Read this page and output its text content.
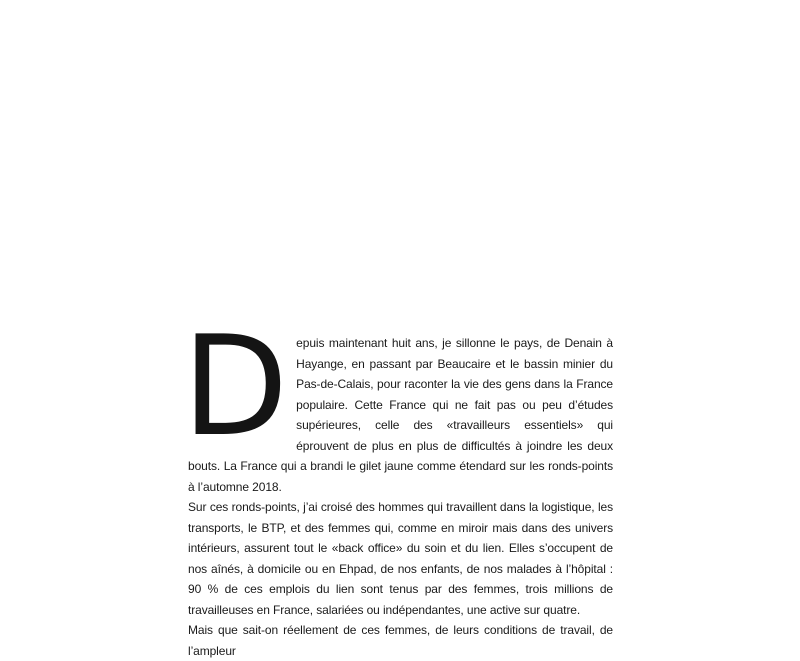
Depuis maintenant huit ans, je sillonne le pays, de Denain à Hayange, en passant par Beaucaire et le bassin minier du Pas-de-Calais, pour raconter la vie des gens dans la France populaire. Cette France qui ne fait pas ou peu d’études supérieures, celle des «travailleurs essentiels» qui éprouvent de plus en plus de difficultés à joindre les deux bouts. La France qui a brandi le gilet jaune comme étendard sur les ronds-points à l’automne 2018.

Sur ces ronds-points, j’ai croisé des hommes qui travaillent dans la logistique, les transports, le BTP, et des femmes qui, comme en miroir mais dans des univers intérieurs, assurent tout le «back office» du soin et du lien. Elles s’occupent de nos aînés, à domicile ou en Ehpad, de nos enfants, de nos malades à l’hôpital : 90 % de ces emplois du lien sont tenus par des femmes, trois millions de travailleuses en France, salariées ou indépendantes, une active sur quatre.

Mais que sait-on réellement de ces femmes, de leurs conditions de travail, de l’ampleur
